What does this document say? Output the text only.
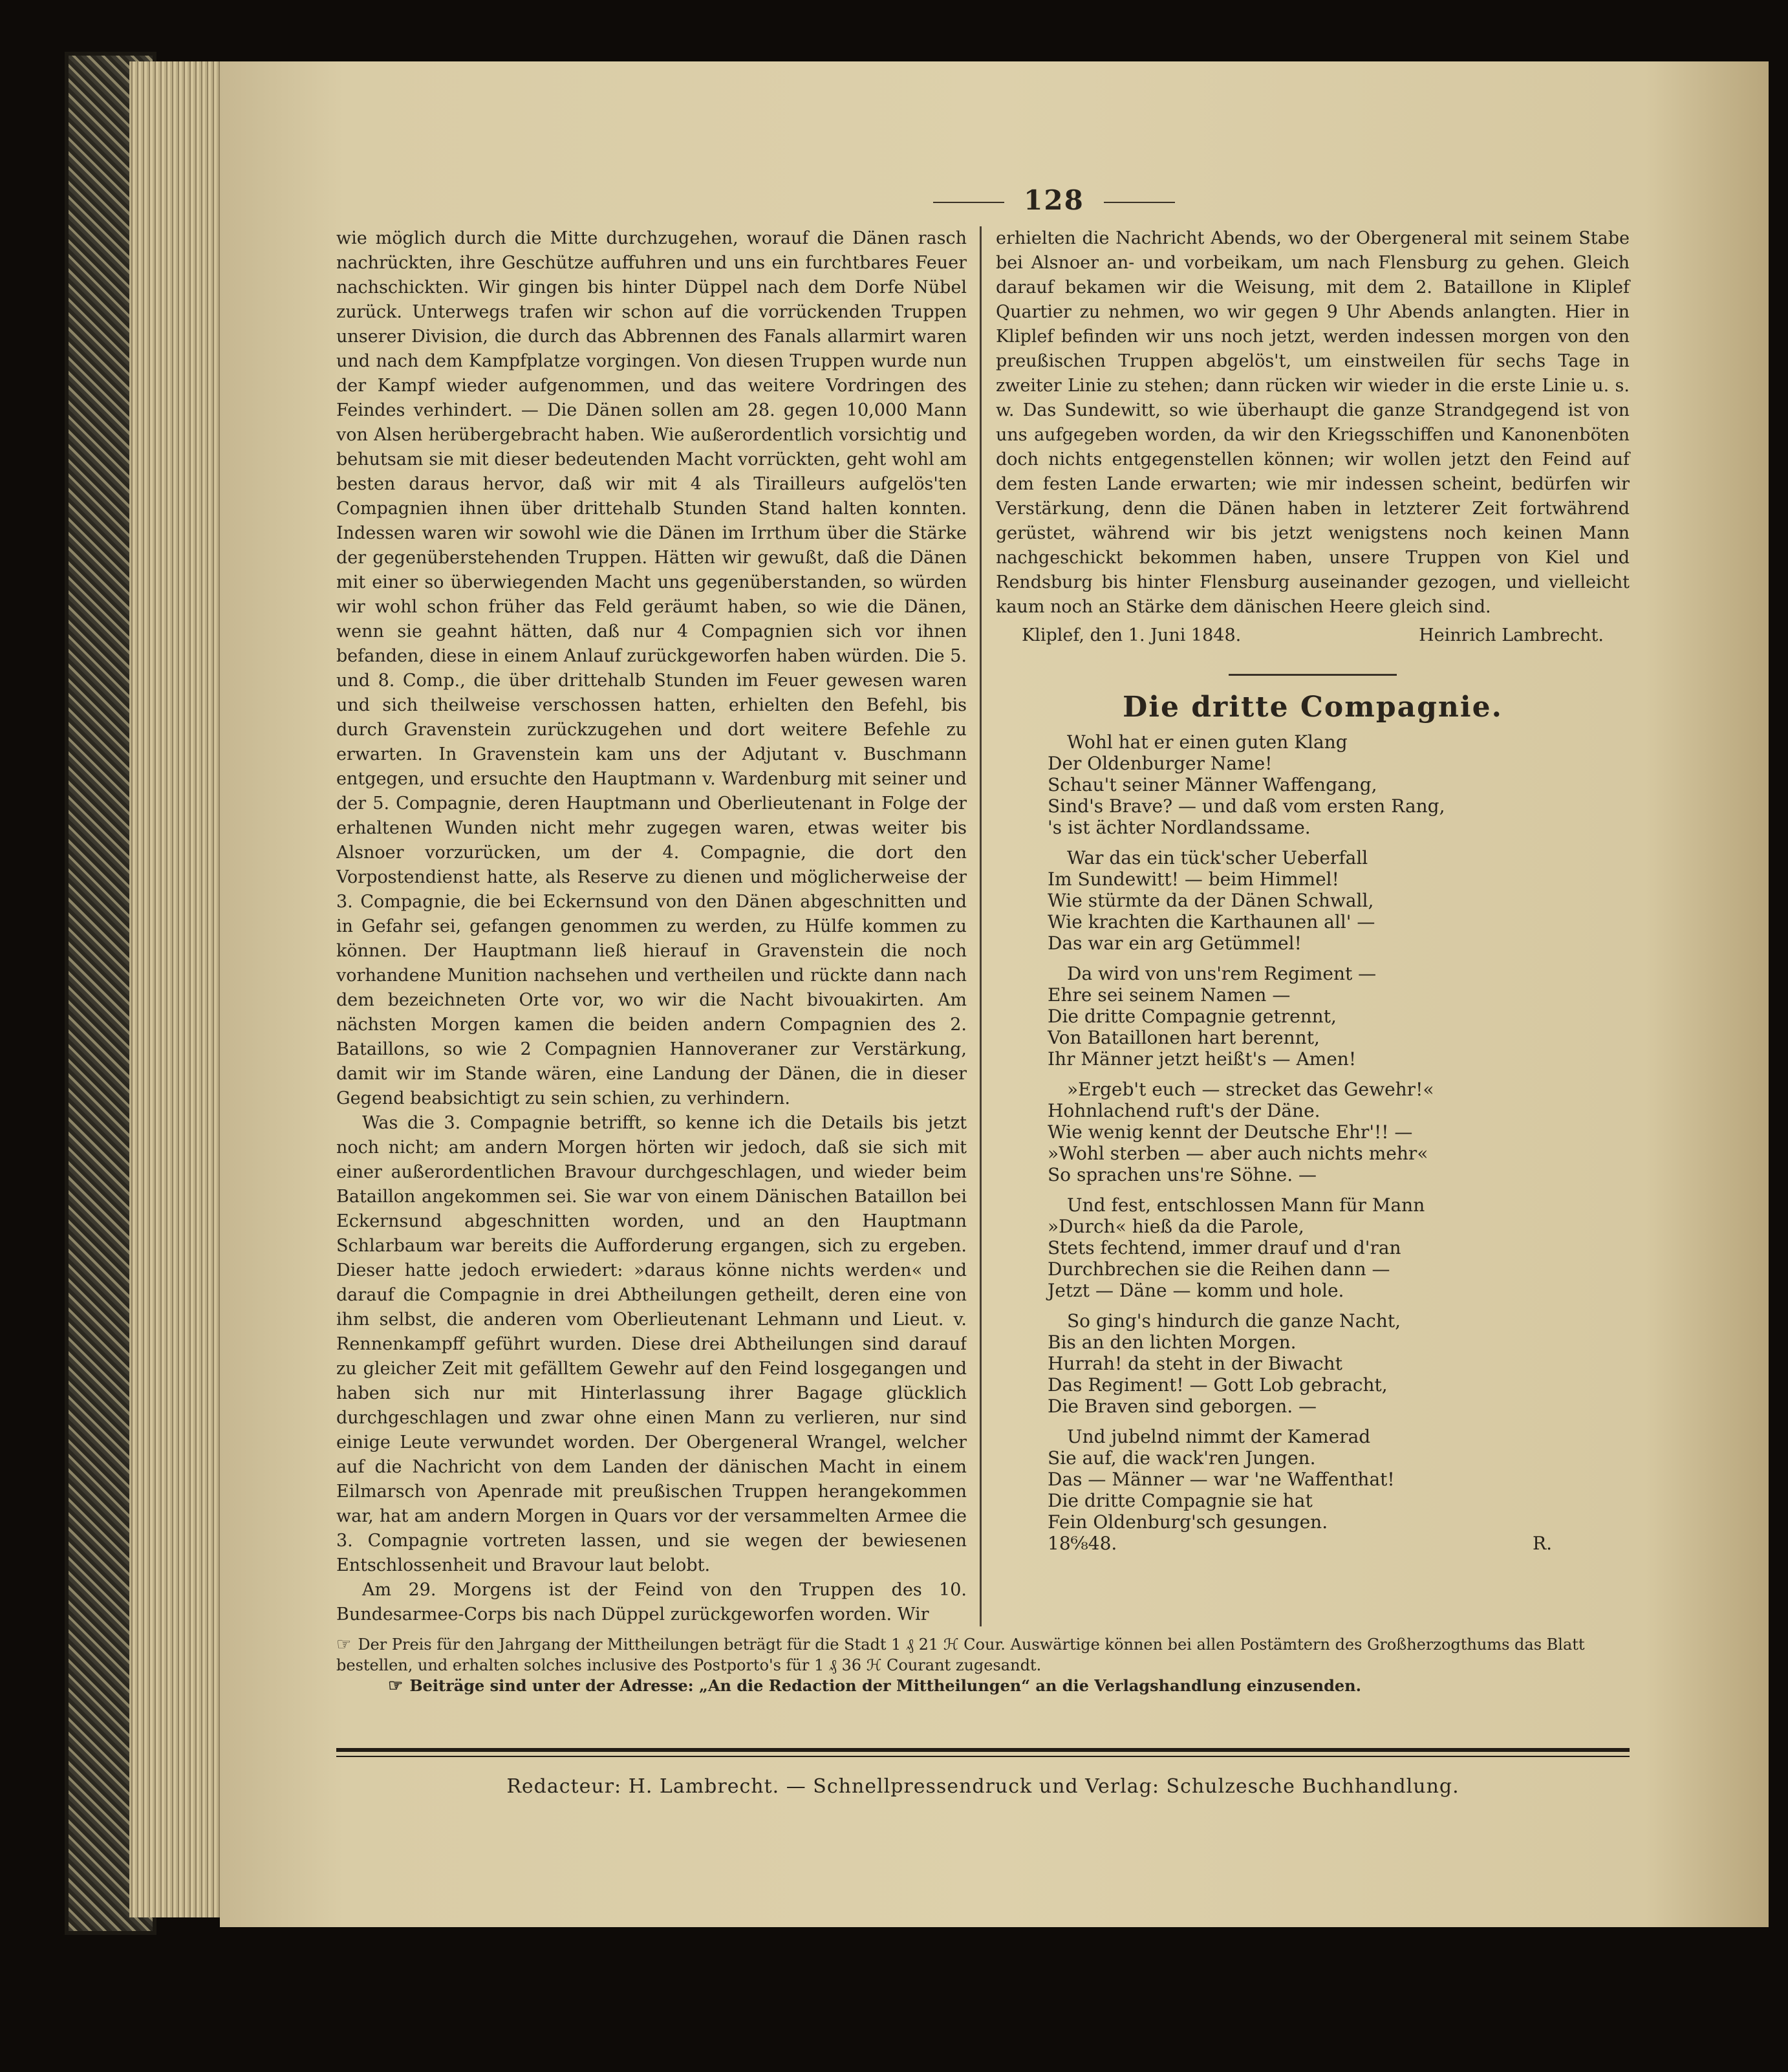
128

wie möglich durch die Mitte durchzugehen, worauf die Dänen rasch nachrückten, ihre Geschütze auffuhren und uns ein furchtbares Feuer nachschickten. Wir gingen bis hinter Düppel nach dem Dorfe Nübel zurück. Unterwegs trafen wir schon auf die vorrückenden Truppen unserer Division, die durch das Abbrennen des Fanals allarmirt waren und nach dem Kampfplatze vorgingen. Von diesen Truppen wurde nun der Kampf wieder aufgenommen, und das weitere Vordringen des Feindes verhindert. — Die Dänen sollen am 28. gegen 10,000 Mann von Alsen herübergebracht haben. Wie außerordentlich vorsichtig und behutsam sie mit dieser bedeutenden Macht vorrückten, geht wohl am besten daraus hervor, daß wir mit 4 als Tirailleurs aufgelös'ten Compagnien ihnen über drittehalb Stunden Stand halten konnten. Indessen waren wir sowohl wie die Dänen im Irrthum über die Stärke der gegenüberstehenden Truppen. Hätten wir gewußt, daß die Dänen mit einer so überwiegenden Macht uns gegenüberstanden, so würden wir wohl schon früher das Feld geräumt haben, so wie die Dänen, wenn sie geahnt hätten, daß nur 4 Compagnien sich vor ihnen befanden, diese in einem Anlauf zurückgeworfen haben würden. Die 5. und 8. Comp., die über drittehalb Stunden im Feuer gewesen waren und sich theilweise verschossen hatten, erhielten den Befehl, bis durch Gravenstein zurückzugehen und dort weitere Befehle zu erwarten. In Gravenstein kam uns der Adjutant v. Buschmann entgegen, und ersuchte den Hauptmann v. Wardenburg mit seiner und der 5. Compagnie, deren Hauptmann und Oberlieutenant in Folge der erhaltenen Wunden nicht mehr zugegen waren, etwas weiter bis Alsnoer vorzurücken, um der 4. Compagnie, die dort den Vorpostendienst hatte, als Reserve zu dienen und möglicherweise der 3. Compagnie, die bei Eckernsund von den Dänen abgeschnitten und in Gefahr sei, gefangen genommen zu werden, zu Hülfe kommen zu können. Der Hauptmann ließ hierauf in Gravenstein die noch vorhandene Munition nachsehen und vertheilen und rückte dann nach dem bezeichneten Orte vor, wo wir die Nacht bivouakirten. Am nächsten Morgen kamen die beiden andern Compagnien des 2. Bataillons, so wie 2 Compagnien Hannoveraner zur Verstärkung, damit wir im Stande wären, eine Landung der Dänen, die in dieser Gegend beabsichtigt zu sein schien, zu verhindern.

Was die 3. Compagnie betrifft, so kenne ich die Details bis jetzt noch nicht; am andern Morgen hörten wir jedoch, daß sie sich mit einer außerordentlichen Bravour durchgeschlagen, und wieder beim Bataillon angekommen sei. Sie war von einem Dänischen Bataillon bei Eckernsund abgeschnitten worden, und an den Hauptmann Schlarbaum war bereits die Aufforderung ergangen, sich zu ergeben. Dieser hatte jedoch erwiedert: »daraus könne nichts werden« und darauf die Compagnie in drei Abtheilungen getheilt, deren eine von ihm selbst, die anderen vom Oberlieutenant Lehmann und Lieut. v. Rennenkampff geführt wurden. Diese drei Abtheilungen sind darauf zu gleicher Zeit mit gefälltem Gewehr auf den Feind losgegangen und haben sich nur mit Hinterlassung ihrer Bagage glücklich durchgeschlagen und zwar ohne einen Mann zu verlieren, nur sind einige Leute verwundet worden. Der Obergeneral Wrangel, welcher auf die Nachricht von dem Landen der dänischen Macht in einem Eilmarsch von Apenrade mit preußischen Truppen herangekommen war, hat am andern Morgen in Quars vor der versammelten Armee die 3. Compagnie vortreten lassen, und sie wegen der bewiesenen Entschlossenheit und Bravour laut belobt.

Am 29. Morgens ist der Feind von den Truppen des 10. Bundesarmee-Corps bis nach Düppel zurückgeworfen worden. Wir

erhielten die Nachricht Abends, wo der Obergeneral mit seinem Stabe bei Alsnoer an- und vorbeikam, um nach Flensburg zu gehen. Gleich darauf bekamen wir die Weisung, mit dem 2. Bataillone in Kliplef Quartier zu nehmen, wo wir gegen 9 Uhr Abends anlangten. Hier in Kliplef befinden wir uns noch jetzt, werden indessen morgen von den preußischen Truppen abgelös't, um einstweilen für sechs Tage in zweiter Linie zu stehen; dann rücken wir wieder in die erste Linie u. s. w. Das Sundewitt, so wie überhaupt die ganze Strandgegend ist von uns aufgegeben worden, da wir den Kriegsschiffen und Kanonenböten doch nichts entgegenstellen können; wir wollen jetzt den Feind auf dem festen Lande erwarten; wie mir indessen scheint, bedürfen wir Verstärkung, denn die Dänen haben in letzterer Zeit fortwährend gerüstet, während wir bis jetzt wenigstens noch keinen Mann nachgeschickt bekommen haben, unsere Truppen von Kiel und Rendsburg bis hinter Flensburg auseinander gezogen, und vielleicht kaum noch an Stärke dem dänischen Heere gleich sind.

Kliplef, den 1. Juni 1848.	Heinrich Lambrecht.
Die dritte Compagnie.
Wohl hat er einen guten Klang
Der Oldenburger Name!
Schau't seiner Männer Waffengang,
Sind's Brave? — und daß vom ersten Rang,
's ist ächter Nordlandssame.
War das ein tück'scher Ueberfall
Im Sundewitt! — beim Himmel!
Wie stürmte da der Dänen Schwall,
Wie krachten die Karthaunen all' —
Das war ein arg Getümmel!
Da wird von uns'rem Regiment —
Ehre sei seinem Namen —
Die dritte Compagnie getrennt,
Von Bataillonen hart berennt,
Ihr Männer jetzt heißt's — Amen!
»Ergeb't euch — strecket das Gewehr!«
Hohnlachend ruft's der Däne.
Wie wenig kennt der Deutsche Ehr'!! —
»Wohl sterben — aber auch nichts mehr«
So sprachen uns're Söhne. —
Und fest, entschlossen Mann für Mann
»Durch« hieß da die Parole,
Stets fechtend, immer drauf und d'ran
Durchbrechen sie die Reihen dann —
Jetzt — Däne — komm und hole.
So ging's hindurch die ganze Nacht,
Bis an den lichten Morgen.
Hurrah! da steht in der Biwacht
Das Regiment! — Gott Lob gebracht,
Die Braven sind geborgen. —
Und jubelnd nimmt der Kamerad
Sie auf, die wack'ren Jungen.
Das — Männer — war 'ne Waffenthat!
Die dritte Compagnie sie hat
Fein Oldenburg'sch gesungen.
18⁶⁄₈48.	R.

☞ Der Preis für den Jahrgang der Mittheilungen beträgt für die Stadt 1 ₰ 21 ℋ Cour. Auswärtige können bei allen Postämtern des Großherzogthums das Blatt bestellen, und erhalten solches inclusive des Postporto's für 1 ₰ 36 ℋ Courant zugesandt.

☞ Beiträge sind unter der Adresse: „An die Redaction der Mittheilungen“ an die Verlagshandlung einzusenden.

Redacteur: H. Lambrecht. — Schnellpressendruck und Verlag: Schulzesche Buchhandlung.
